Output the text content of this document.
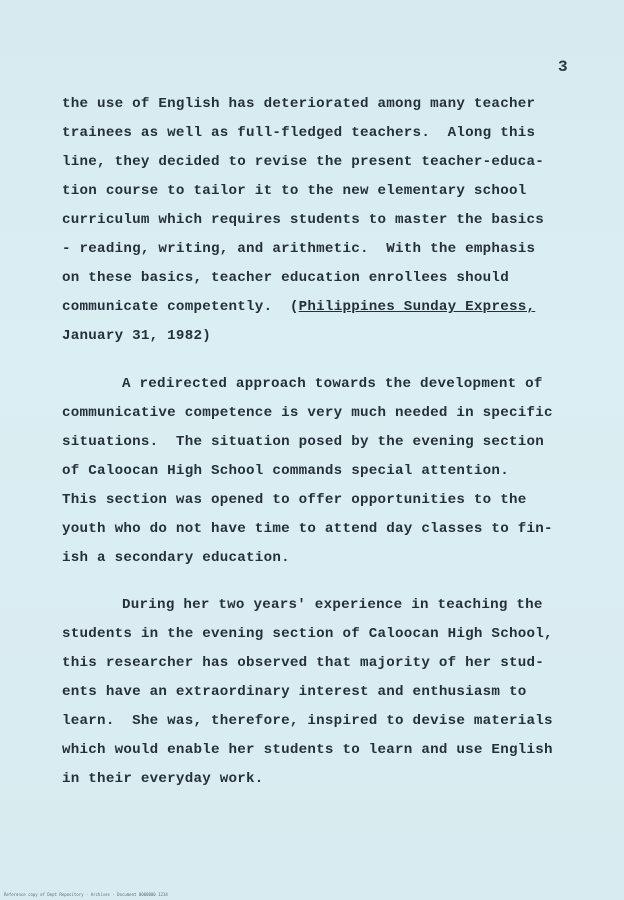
3
the use of English has deteriorated among many teacher
trainees as well as full-fledged teachers.  Along this
line, they decided to revise the present teacher-educa-
tion course to tailor it to the new elementary school
curriculum which requires students to master the basics
- reading, writing, and arithmetic.  With the emphasis
on these basics, teacher education enrollees should
communicate competently.  (Philippines Sunday Express,
January 31, 1982)
A redirected approach towards the development of
communicative competence is very much needed in specific
situations.  The situation posed by the evening section
of Caloocan High School commands special attention.
This section was opened to offer opportunities to the
youth who do not have time to attend day classes to fin-
ish a secondary education.
During her two years' experience in teaching the
students in the evening section of Caloocan High School,
this researcher has observed that majority of her stud-
ents have an extraordinary interest and enthusiasm to
learn.  She was, therefore, inspired to devise materials
which would enable her students to learn and use English
in their everyday work.
Reference copy of Dept Repository · Archives · Document 0000000 1234
